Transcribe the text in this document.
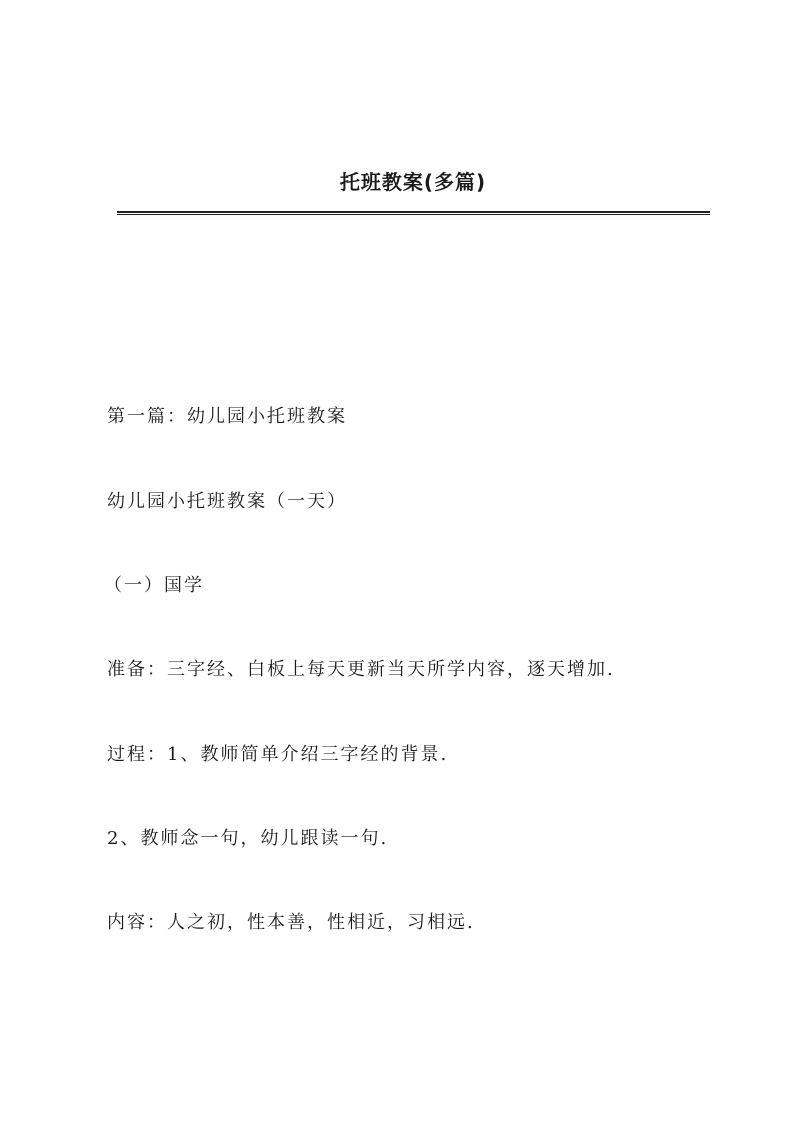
托班教案(多篇)
第一篇：幼儿园小托班教案
幼儿园小托班教案（一天）
（一）国学
准备：三字经、白板上每天更新当天所学内容，逐天增加.
过程：1、教师简单介绍三字经的背景.
2、教师念一句，幼儿跟读一句.
内容：人之初，性本善，性相近，习相远.
